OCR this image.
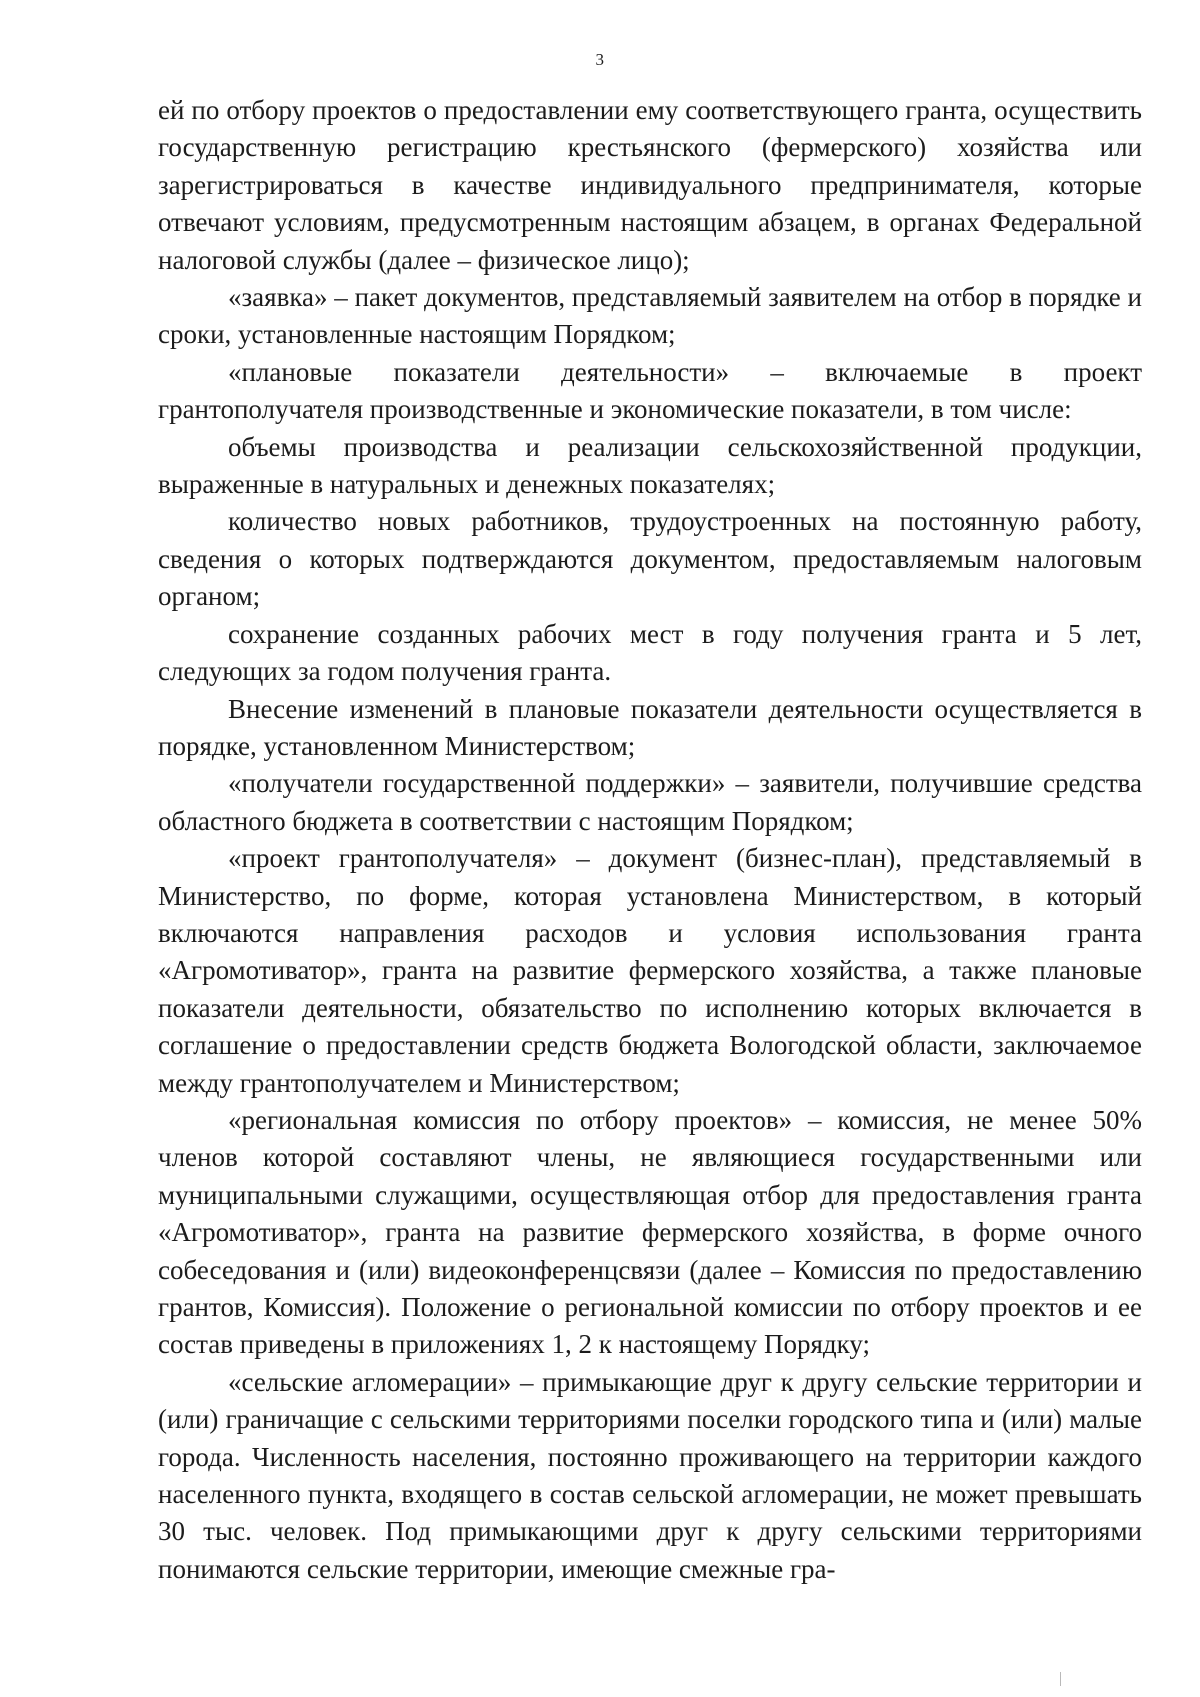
3

ей по отбору проектов о предоставлении ему соответствующего гранта, осуществить государственную регистрацию крестьянского (фермерского) хозяйства или зарегистрироваться в качестве индивидуального предпринимателя, которые отвечают условиям, предусмотренным настоящим абзацем, в органах Федеральной налоговой службы (далее – физическое лицо);

«заявка» – пакет документов, представляемый заявителем на отбор в порядке и сроки, установленные настоящим Порядком;

«плановые показатели деятельности» – включаемые в проект грантополучателя производственные и экономические показатели, в том числе:

объемы производства и реализации сельскохозяйственной продукции, выраженные в натуральных и денежных показателях;

количество новых работников, трудоустроенных на постоянную работу, сведения о которых подтверждаются документом, предоставляемым налоговым органом;

сохранение созданных рабочих мест в году получения гранта и 5 лет, следующих за годом получения гранта.

Внесение изменений в плановые показатели деятельности осуществляется в порядке, установленном Министерством;

«получатели государственной поддержки» – заявители, получившие средства областного бюджета в соответствии с настоящим Порядком;

«проект грантополучателя» – документ (бизнес-план), представляемый в Министерство, по форме, которая установлена Министерством, в который включаются направления расходов и условия использования гранта «Агромотиватор», гранта на развитие фермерского хозяйства, а также плановые показатели деятельности, обязательство по исполнению которых включается в соглашение о предоставлении средств бюджета Вологодской области, заключаемое между грантополучателем и Министерством;

«региональная комиссия по отбору проектов» – комиссия, не менее 50% членов которой составляют члены, не являющиеся государственными или муниципальными служащими, осуществляющая отбор для предоставления гранта «Агромотиватор», гранта на развитие фермерского хозяйства, в форме очного собеседования и (или) видеоконференцсвязи (далее – Комиссия по предоставлению грантов, Комиссия). Положение о региональной комиссии по отбору проектов и ее состав приведены в приложениях 1, 2 к настоящему Порядку;

«сельские агломерации» – примыкающие друг к другу сельские территории и (или) граничащие с сельскими территориями поселки городского типа и (или) малые города. Численность населения, постоянно проживающего на территории каждого населенного пункта, входящего в состав сельской агломерации, не может превышать 30 тыс. человек. Под примыкающими друг к другу сельскими территориями понимаются сельские территории, имеющие смежные гра-
